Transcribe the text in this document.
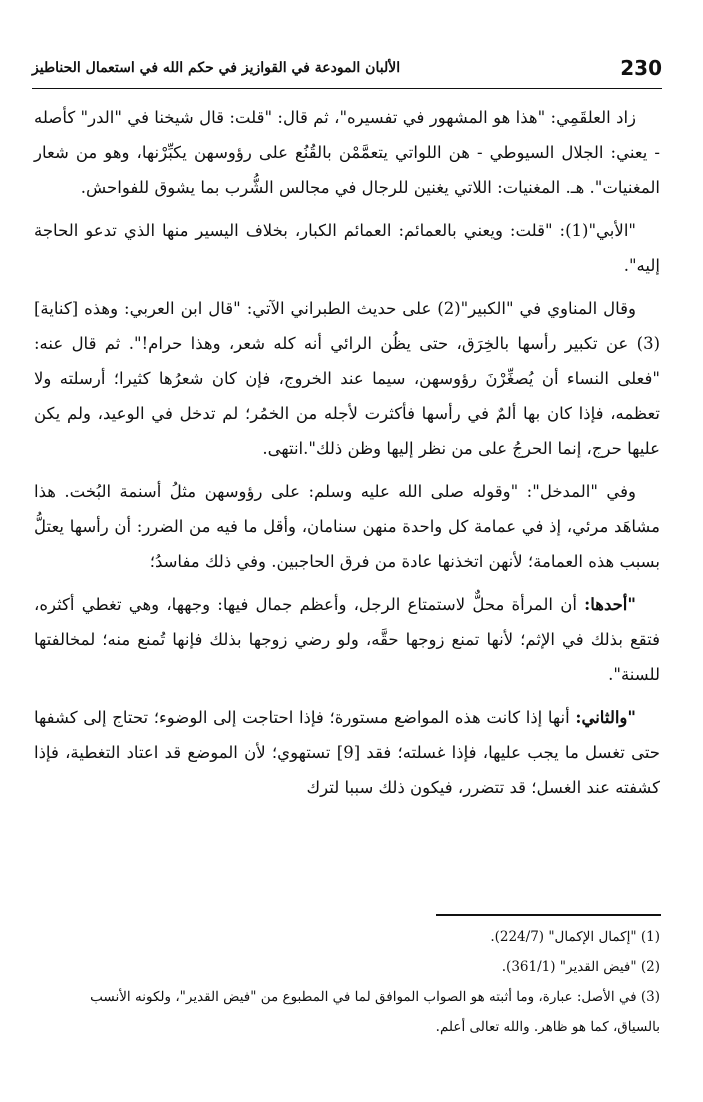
230
الألبان المودعة في القوازيز في حكم الله في استعمال الحناطيز

زاد العلقَمِي: "هذا هو المشهور في تفسيره"، ثم قال: "قلت: قال شيخنا في "الدر" كأصله - يعني: الجلال السيوطي - هن اللواتي يتعمَّمْن بالقُنُع على رؤوسهن يكبِّرْنها، وهو من شعار المغنيات". هـ. المغنيات: اللاتي يغنين للرجال في مجالس الشُّرب بما يشوق للفواحش.

"الأبي"(1): "قلت: ويعني بالعمائم: العمائم الكبار، بخلاف اليسير منها الذي تدعو الحاجة إليه".

وقال المناوي في "الكبير"(2) على حديث الطبراني الآتي: "قال ابن العربي: وهذه [كناية](3) عن تكبير رأسها بالخِرَق، حتى يظُن الرائي أنه كله شعر، وهذا حرام!". ثم قال عنه: "فعلى النساء أن يُصغِّرْنَ رؤوسهن، سيما عند الخروج، فإن كان شعرُها كثيرا؛ أرسلته ولا تعظمه، فإذا كان بها ألمٌ في رأسها فأكثرت لأجله من الخمُر؛ لم تدخل في الوعيد، ولم يكن عليها حرج، إنما الحرجُ على من نظر إليها وظن ذلك".انتهى.

وفي "المدخل": "وقوله صلى الله عليه وسلم: على رؤوسهن مثلُ أسنمة البُخت. هذا مشاهَد مرئي، إذ في عمامة كل واحدة منهن سنامان، وأقل ما فيه من الضرر: أن رأسها يعتلُّ بسبب هذه العمامة؛ لأنهن اتخذنها عادة من فرق الحاجبين. وفي ذلك مفاسدُ؛

"أحدها: أن المرأة محلٌّ لاستمتاع الرجل، وأعظم جمال فيها: وجهها، وهي تغطي أكثره، فتقع بذلك في الإثم؛ لأنها تمنع زوجها حقَّه، ولو رضي زوجها بذلك فإنها تُمنع منه؛ لمخالفتها للسنة".

"والثاني: أنها إذا كانت هذه المواضع مستورة؛ فإذا احتاجت إلى الوضوء؛ تحتاج إلى كشفها حتى تغسل ما يجب عليها، فإذا غسلته؛ فقد [9] تستهوي؛ لأن الموضع قد اعتاد التغطية، فإذا كشفته عند الغسل؛ قد تتضرر، فيكون ذلك سببا لترك

(1) "إكمال الإكمال" (224/7).

(2) "فيض القدير" (361/1).

(3) في الأصل: عبارة، وما أثبته هو الصواب الموافق لما في المطبوع من "فيض القدير"، ولكونه الأنسب بالسياق، كما هو ظاهر. والله تعالى أعلم.
